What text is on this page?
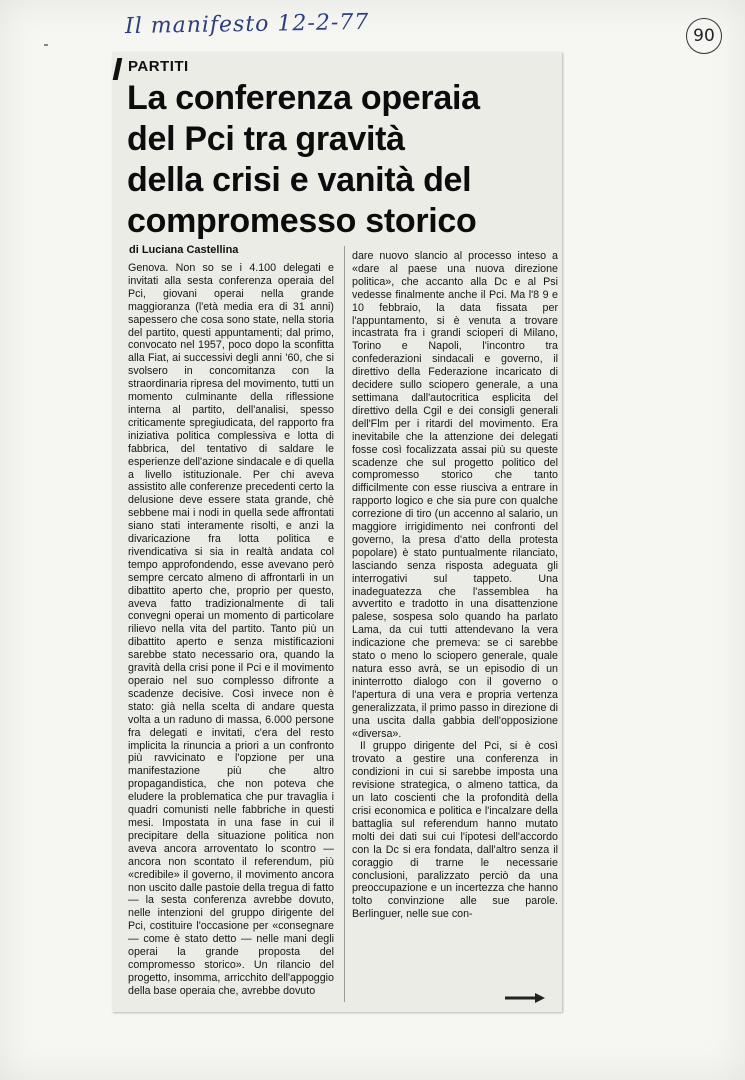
Il manifesto 12-2-77	90
PARTITI
La conferenza operaia
del Pci tra gravità
della crisi e vanità del
compromesso storico
di Luciana Castellina

Genova. Non so se i 4.100 delegati e invitati alla sesta conferenza operaia del Pci, giovani operai nella grande maggioranza (l'età media era di 31 anni) sapessero che cosa sono state, nella storia del partito, questi appuntamenti; dal primo, convocato nel 1957, poco dopo la sconfitta alla Fiat, ai successivi degli anni '60, che si svolsero in concomitanza con la straordinaria ripresa del movimento, tutti un momento culminante della riflessione interna al partito, dell'analisi, spesso criticamente spregiudicata, del rapporto fra iniziativa politica complessiva e lotta di fabbrica, del tentativo di saldare le esperienze dell'azione sindacale e di quella a livello istituzionale. Per chi aveva assistito alle conferenze precedenti certo la delusione deve essere stata grande, chè sebbene mai i nodi in quella sede affrontati siano stati interamente risolti, e anzi la divaricazione fra lotta politica e rivendicativa si sia in realtà andata col tempo approfondendo, esse avevano però sempre cercato almeno di affrontarli in un dibattito aperto che, proprio per questo, aveva fatto tradizionalmente di tali convegni operai un momento di particolare rilievo nella vita del partito. Tanto più un dibattito aperto e senza mistificazioni sarebbe stato necessario ora, quando la gravità della crisi pone il Pci e il movimento operaio nel suo complesso difronte a scadenze decisive. Così invece non è stato: già nella scelta di andare questa volta a un raduno di massa, 6.000 persone fra delegati e invitati, c'era del resto implicita la rinuncia a priori a un confronto più ravvicinato e l'opzione per una manifestazione più che altro propagandistica, che non poteva che eludere la problematica che pur travaglia i quadri comunisti nelle fabbriche in questi mesi. Impostata in una fase in cui il precipitare della situazione politica non aveva ancora arroventato lo scontro — ancora non scontato il referendum, più «credibile» il governo, il movimento ancora non uscito dalle pastoie della tregua di fatto — la sesta conferenza avrebbe dovuto, nelle intenzioni del gruppo dirigente del Pci, costituire l'occasione per «consegnare — come è stato detto — nelle mani degli operai la grande proposta del compromesso storico». Un rilancio del progetto, insomma, arricchito dell'appoggio della base operaia che, avrebbe dovuto

dare nuovo slancio al processo inteso a «dare al paese una nuova direzione politica», che accanto alla Dc e al Psi vedesse finalmente anche il Pci. Ma l'8 9 e 10 febbraio, la data fissata per l'appuntamento, si è venuta a trovare incastrata fra i grandi scioperi di Milano, Torino e Napoli, l'incontro tra confederazioni sindacali e governo, il direttivo della Federazione incaricato di decidere sullo sciopero generale, a una settimana dall'autocritica esplicita del direttivo della Cgil e dei consigli generali dell'Flm per i ritardi del movimento. Era inevitabile che la attenzione dei delegati fosse così focalizzata assai più su queste scadenze che sul progetto politico del compromesso storico che tanto difficilmente con esse riusciva a entrare in rapporto logico e che sia pure con qualche correzione di tiro (un accenno al salario, un maggiore irrigidimento nei confronti del governo, la presa d'atto della protesta popolare) è stato puntualmente rilanciato, lasciando senza risposta adeguata gli interrogativi sul tappeto. Una inadeguatezza che l'assemblea ha avvertito e tradotto in una disattenzione palese, sospesa solo quando ha parlato Lama, da cui tutti attendevano la vera indicazione che premeva: se ci sarebbe stato o meno lo sciopero generale, quale natura esso avrà, se un episodio di un ininterrotto dialogo con il governo o l'apertura di una vera e propria vertenza generalizzata, il primo passo in direzione di una uscita dalla gabbia dell'opposizione «diversa».

Il gruppo dirigente del Pci, si è così trovato a gestire una conferenza in condizioni in cui si sarebbe imposta una revisione strategica, o almeno tattica, da un lato coscienti che la profondità della crisi economica e politica e l'incalzare della battaglia sul referendum hanno mutato molti dei dati sui cui l'ipotesi dell'accordo con la Dc si era fondata, dall'altro senza il coraggio di trarne le necessarie conclusioni, paralizzato perciò da una preoccupazione e un incertezza che hanno tolto convinzione alle sue parole. Berlinguer, nelle sue con-
